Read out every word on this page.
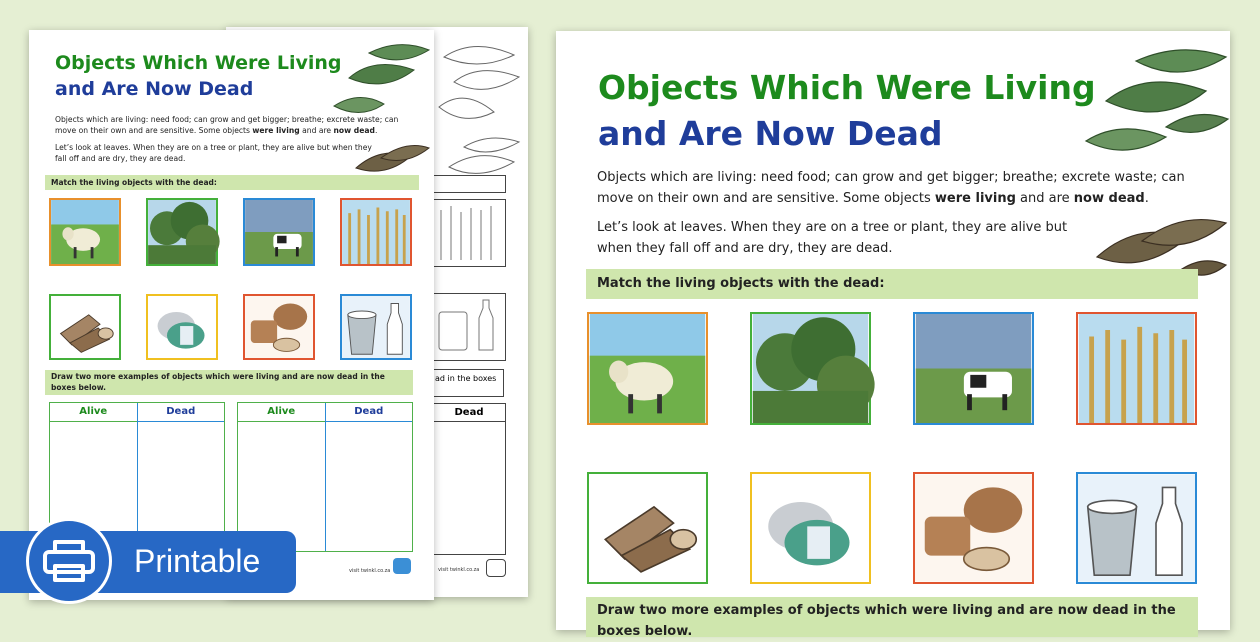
ad in the boxes
Dead
visit twinkl.co.za
Objects Which Were Living
and Are Now Dead
Objects which are living: need food; can grow and get bigger; breathe; excrete waste; can move on their own and are sensitive. Some objects were living and are now dead.
Let’s look at leaves. When they are on a tree or plant, they are alive but when they fall off and are dry, they are dead.
Match the living objects with the dead:
Draw two more examples of objects which were living and are now dead in the boxes below.
Alive	Dead	Alive	Dead
visit twinkl.co.za
Objects Which Were Living
and Are Now Dead
Objects which are living: need food; can grow and get bigger; breathe; excrete waste; can move on their own and are sensitive. Some objects were living and are now dead.
Let’s look at leaves. When they are on a tree or plant, they are alive but when they fall off and are dry, they are dead.
Match the living objects with the dead:
Draw two more examples of objects which were living and are now dead in the boxes below.
Printable
